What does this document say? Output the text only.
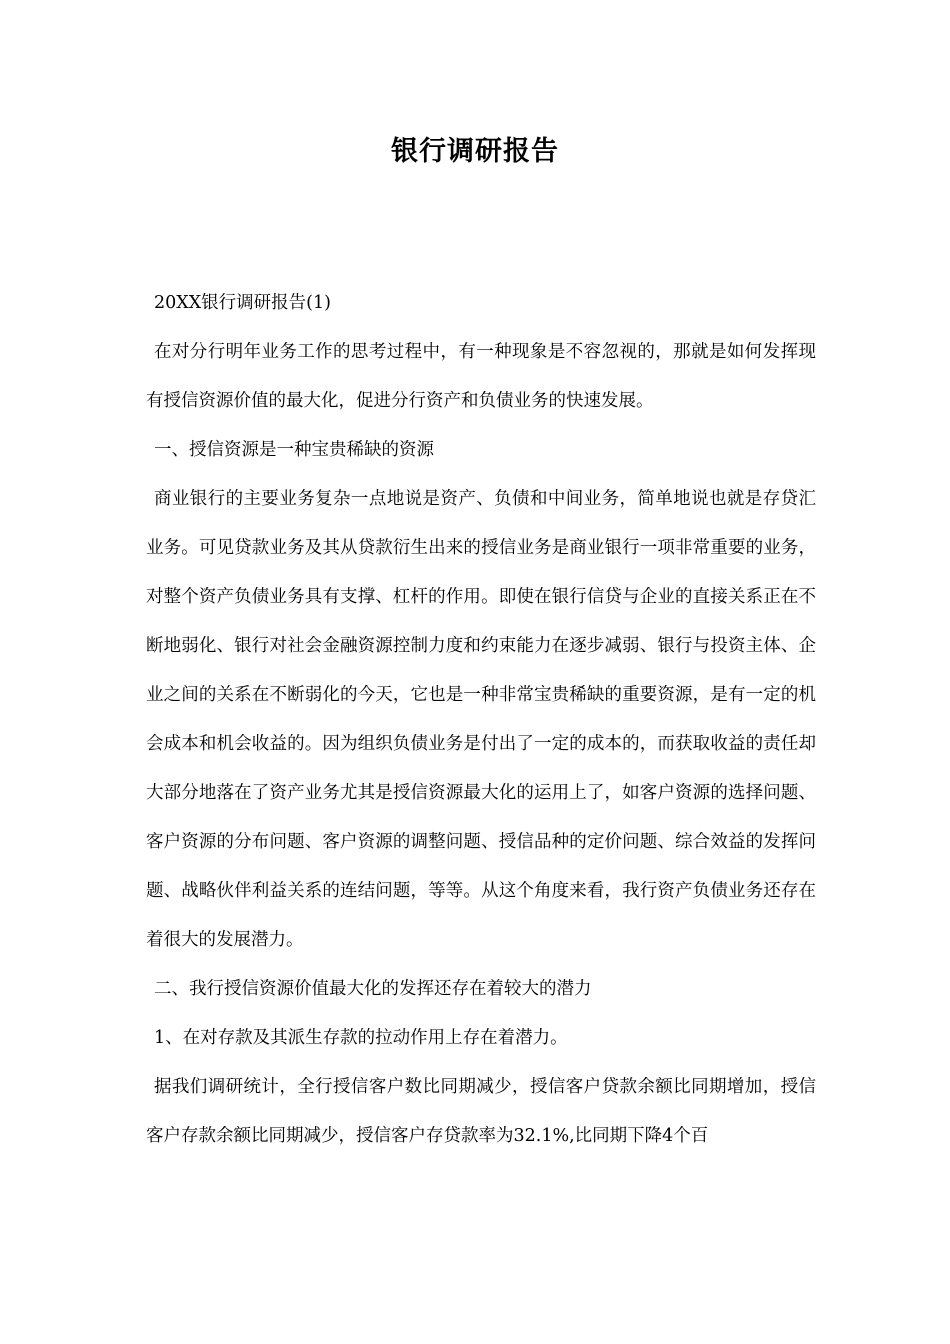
银行调研报告

20XX银行调研报告(1)

在对分行明年业务工作的思考过程中，有一种现象是不容忽视的，那就是如何发挥现有授信资源价值的最大化，促进分行资产和负债业务的快速发展。

一、授信资源是一种宝贵稀缺的资源

商业银行的主要业务复杂一点地说是资产、负债和中间业务，简单地说也就是存贷汇业务。可见贷款业务及其从贷款衍生出来的授信业务是商业银行一项非常重要的业务，对整个资产负债业务具有支撑、杠杆的作用。即使在银行信贷与企业的直接关系正在不断地弱化、银行对社会金融资源控制力度和约束能力在逐步减弱、银行与投资主体、企业之间的关系在不断弱化的今天，它也是一种非常宝贵稀缺的重要资源，是有一定的机会成本和机会收益的。因为组织负债业务是付出了一定的成本的，而获取收益的责任却大部分地落在了资产业务尤其是授信资源最大化的运用上了，如客户资源的选择问题、客户资源的分布问题、客户资源的调整问题、授信品种的定价问题、综合效益的发挥问题、战略伙伴利益关系的连结问题，等等。从这个角度来看，我行资产负债业务还存在着很大的发展潜力。

二、我行授信资源价值最大化的发挥还存在着较大的潜力

1、在对存款及其派生存款的拉动作用上存在着潜力。

据我们调研统计，全行授信客户数比同期减少，授信客户贷款余额比同期增加，授信客户存款余额比同期减少，授信客户存贷款率为32.1%,比同期下降4个百
